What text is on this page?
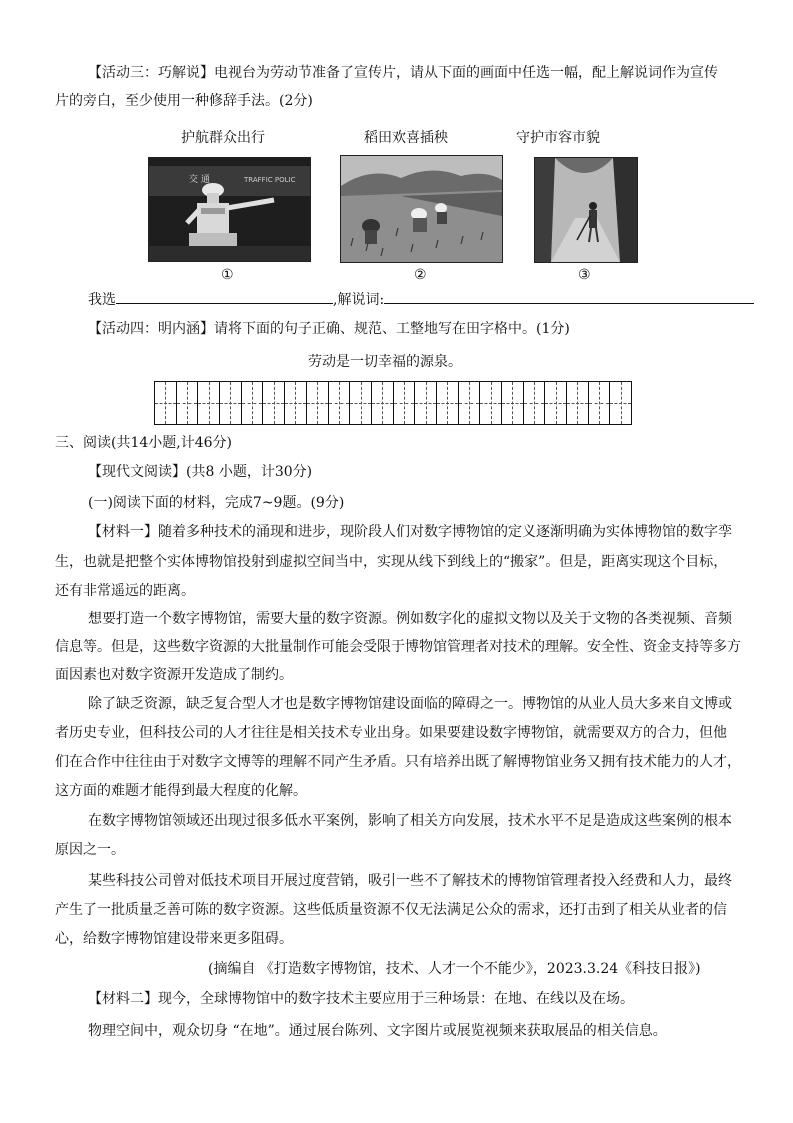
【活动三：巧解说】电视台为劳动节准备了宣传片，请从下面的画面中任选一幅，配上解说词作为宣传
片的旁白，至少使用一种修辞手法。(2分)
护航群众出行	稻田欢喜插秧	守护市容市貌
交 通	TRAFFIC POLIC
①	②	③
我选	,解说词:
【活动四：明内涵】请将下面的句子正确、规范、工整地写在田字格中。(1分)
劳动是一切幸福的源泉。
三、阅读(共14小题,计46分)
【现代文阅读】(共8 小题，计30分)
(一)阅读下面的材料，完成7~9题。(9分)
【材料一】随着多种技术的涌现和进步，现阶段人们对数字博物馆的定义逐渐明确为实体博物馆的数字孪
生，也就是把整个实体博物馆投射到虚拟空间当中，实现从线下到线上的“搬家”。但是，距离实现这个目标，
还有非常遥远的距离。
想要打造一个数字博物馆，需要大量的数字资源。例如数字化的虚拟文物以及关于文物的各类视频、音频
信息等。但是，这些数字资源的大批量制作可能会受限于博物馆管理者对技术的理解。安全性、资金支持等多方
面因素也对数字资源开发造成了制约。
除了缺乏资源，缺乏复合型人才也是数字博物馆建设面临的障碍之一。博物馆的从业人员大多来自文博或
者历史专业，但科技公司的人才往往是相关技术专业出身。如果要建设数字博物馆，就需要双方的合力，但他
们在合作中往往由于对数字文博等的理解不同产生矛盾。只有培养出既了解博物馆业务又拥有技术能力的人才，
这方面的难题才能得到最大程度的化解。
在数字博物馆领域还出现过很多低水平案例，影响了相关方向发展，技术水平不足是造成这些案例的根本
原因之一。
某些科技公司曾对低技术项目开展过度营销，吸引一些不了解技术的博物馆管理者投入经费和人力，最终
产生了一批质量乏善可陈的数字资源。这些低质量资源不仅无法满足公众的需求，还打击到了相关从业者的信
心，给数字博物馆建设带来更多阻碍。
(摘编自 《打造数字博物馆，技术、人才一个不能少》，2023.3.24《科技日报》)
【材料二】现今，全球博物馆中的数字技术主要应用于三种场景：在地、在线以及在场。
物理空间中，观众切身 “在地”。通过展台陈列、文字图片或展览视频来获取展品的相关信息。
